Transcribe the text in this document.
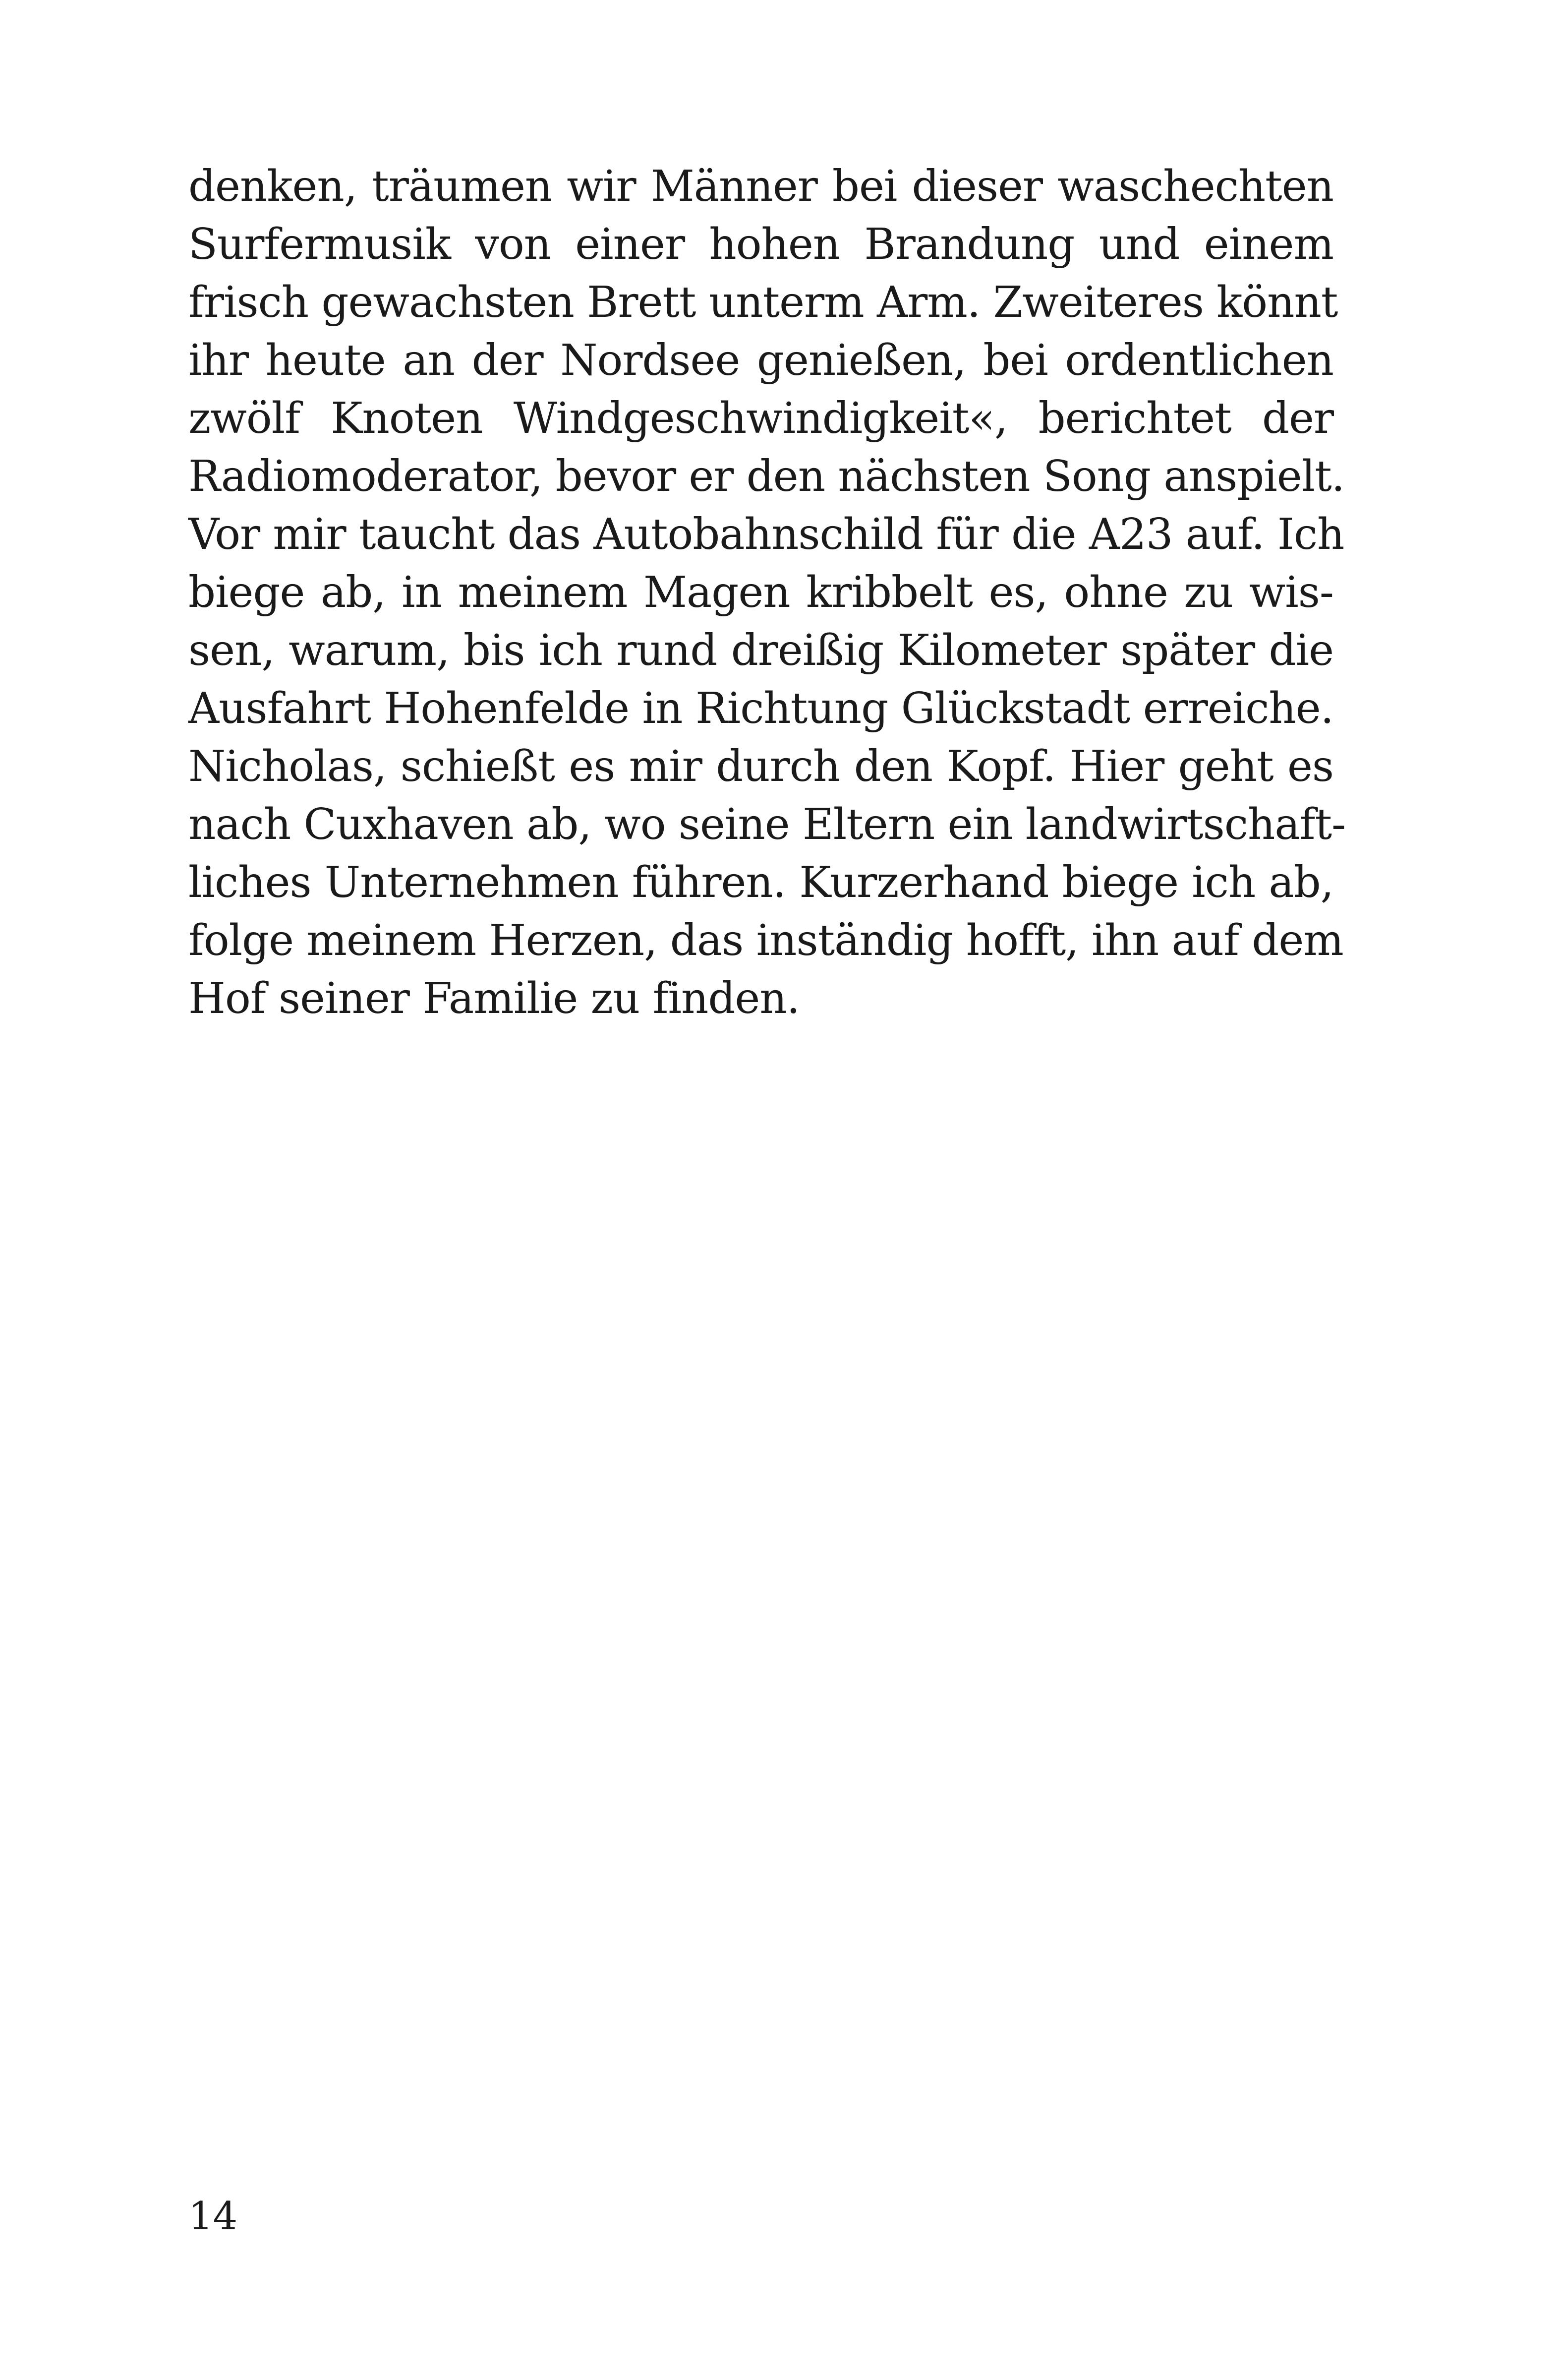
denken, träumen wir Männer bei dieser waschechten
Surfermusik von einer hohen Brandung und einem
frisch gewachsten Brett unterm Arm. Zweiteres könnt
ihr heute an der Nordsee genießen, bei ordentlichen
zwölf Knoten Windgeschwindigkeit«, berichtet der
Radiomoderator, bevor er den nächsten Song anspielt.
Vor mir taucht das Autobahnschild für die A23 auf. Ich
biege ab, in meinem Magen kribbelt es, ohne zu wis-
sen, warum, bis ich rund dreißig Kilometer später die
Ausfahrt Hohenfelde in Richtung Glückstadt erreiche.
Nicholas, schießt es mir durch den Kopf. Hier geht es
nach Cuxhaven ab, wo seine Eltern ein landwirtschaft-
liches Unternehmen führen. Kurzerhand biege ich ab,
folge meinem Herzen, das inständig hofft, ihn auf dem
Hof seiner Familie zu finden.
14
